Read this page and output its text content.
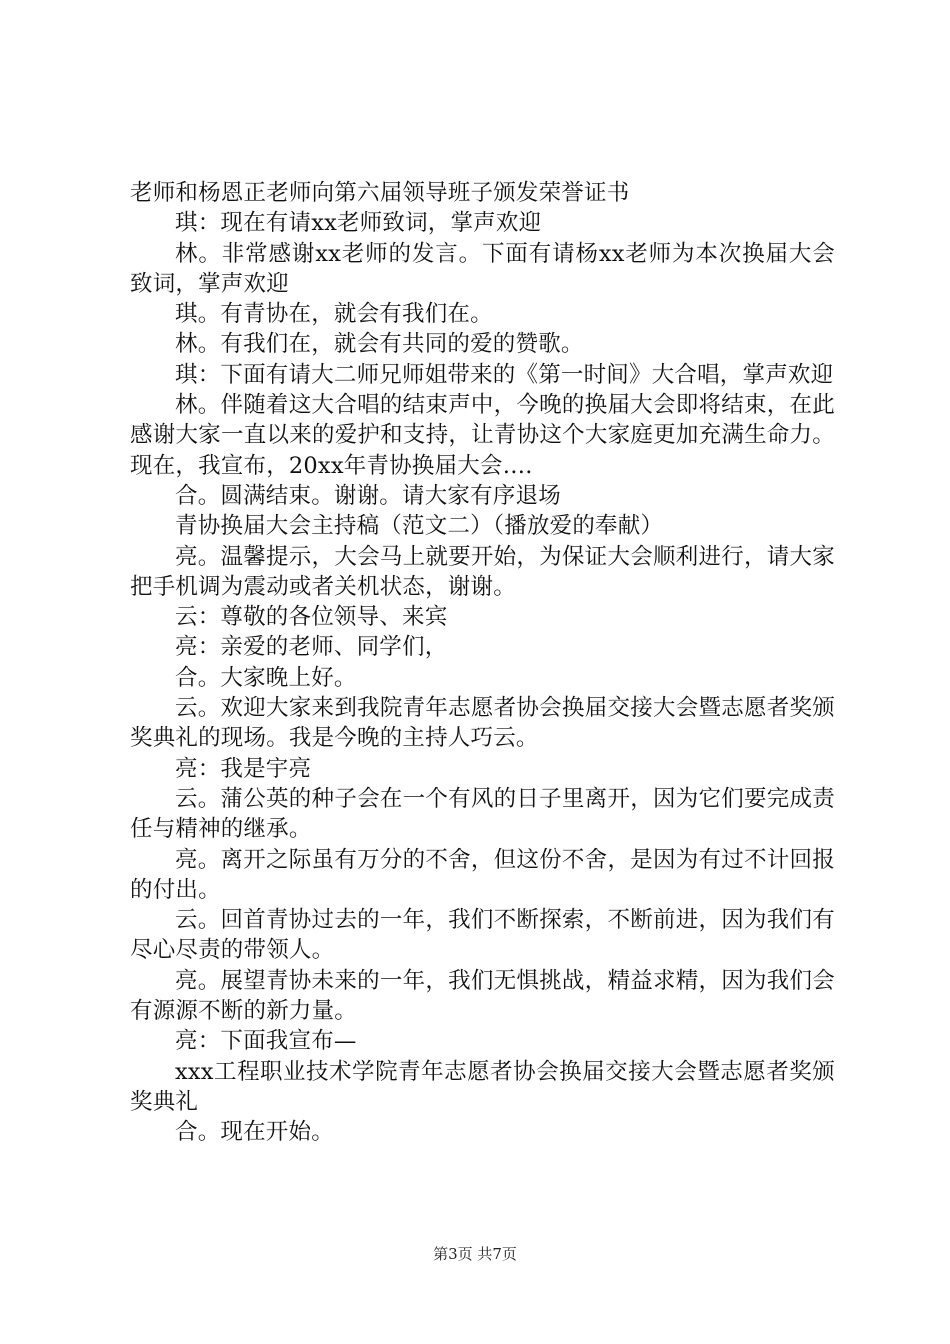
老师和杨恩正老师向第六届领导班子颁发荣誉证书

琪：现在有请xx老师致词，掌声欢迎

林。非常感谢xx老师的发言。下面有请杨xx老师为本次换届大会致词，掌声欢迎

琪。有青协在，就会有我们在。

林。有我们在，就会有共同的爱的赞歌。

琪：下面有请大二师兄师姐带来的《第一时间》大合唱，掌声欢迎

林。伴随着这大合唱的结束声中，今晚的换届大会即将结束，在此感谢大家一直以来的爱护和支持，让青协这个大家庭更加充满生命力。现在，我宣布，20xx年青协换届大会….

合。圆满结束。谢谢。请大家有序退场

青协换届大会主持稿（范文二）（播放爱的奉献）

亮。温馨提示，大会马上就要开始，为保证大会顺利进行，请大家把手机调为震动或者关机状态，谢谢。

云：尊敬的各位领导、来宾

亮：亲爱的老师、同学们，

合。大家晚上好。

云。欢迎大家来到我院青年志愿者协会换届交接大会暨志愿者奖颁奖典礼的现场。我是今晚的主持人巧云。

亮：我是宇亮

云。蒲公英的种子会在一个有风的日子里离开，因为它们要完成责任与精神的继承。

亮。离开之际虽有万分的不舍，但这份不舍，是因为有过不计回报的付出。

云。回首青协过去的一年，我们不断探索，不断前进，因为我们有尽心尽责的带领人。

亮。展望青协未来的一年，我们无惧挑战，精益求精，因为我们会有源源不断的新力量。

亮：下面我宣布—

xxx工程职业技术学院青年志愿者协会换届交接大会暨志愿者奖颁奖典礼

合。现在开始。

第3页 共7页
